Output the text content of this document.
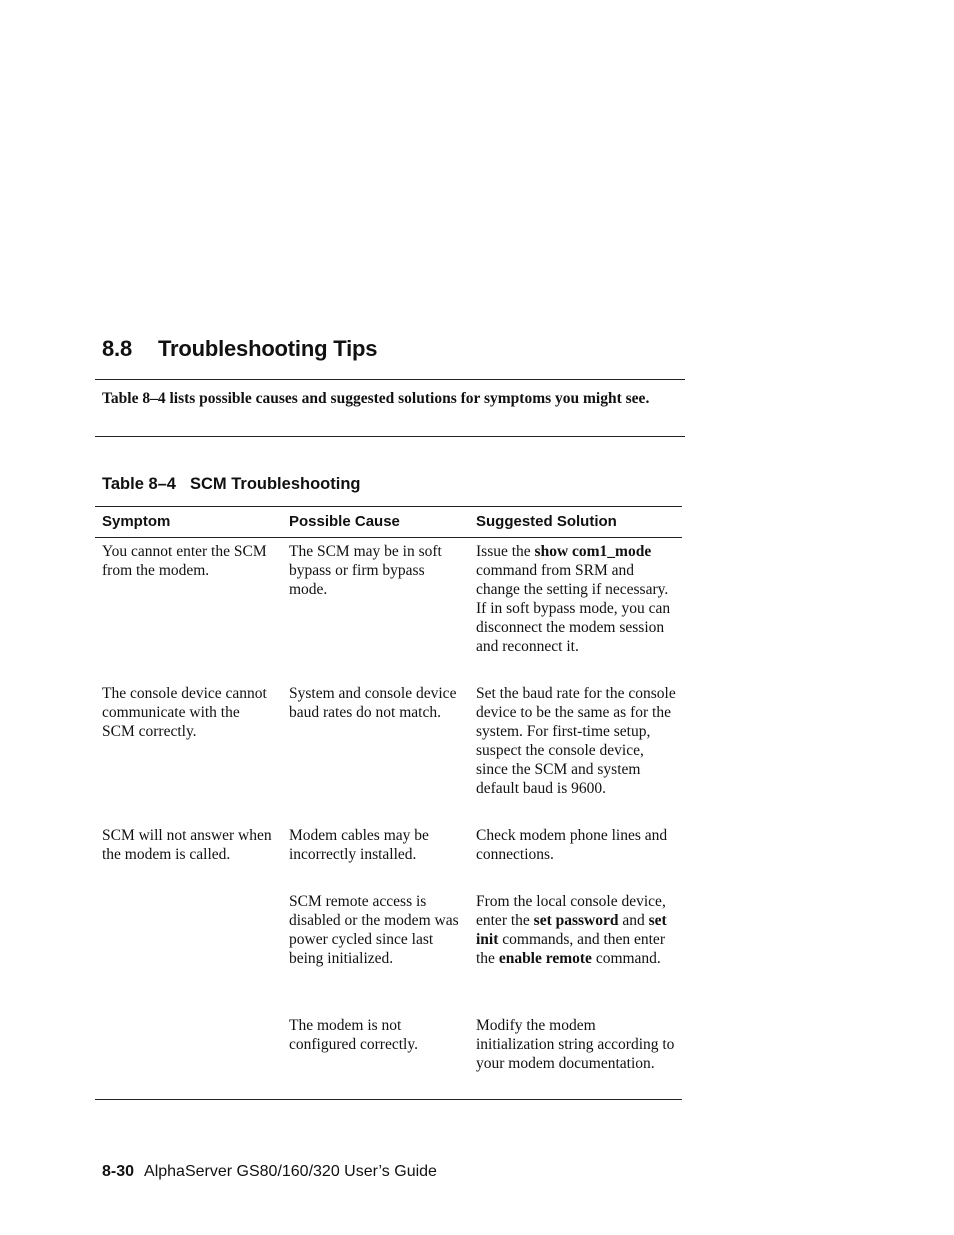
8.8 Troubleshooting Tips

Table 8–4 lists possible causes and suggested solutions for symptoms you might see.

Table 8–4 SCM Troubleshooting

Symptom	Possible Cause	Suggested Solution
You cannot enter the SCM from the modem.
The SCM may be in soft bypass or firm bypass mode.
Issue the show com1_mode command from SRM and change the setting if necessary. If in soft bypass mode, you can disconnect the modem session and reconnect it.
The console device cannot communicate with the SCM correctly.
System and console device baud rates do not match.
Set the baud rate for the console device to be the same as for the system. For first-time setup, suspect the console device, since the SCM and system default baud is 9600.
SCM will not answer when the modem is called.
Modem cables may be incorrectly installed.
Check modem phone lines and connections.
SCM remote access is disabled or the modem was power cycled since last being initialized.
From the local console device, enter the set password and set init commands, and then enter the enable remote command.
The modem is not configured correctly.
Modify the modem initialization string according to your modem documentation.

8-30 AlphaServer GS80/160/320 User’s Guide
